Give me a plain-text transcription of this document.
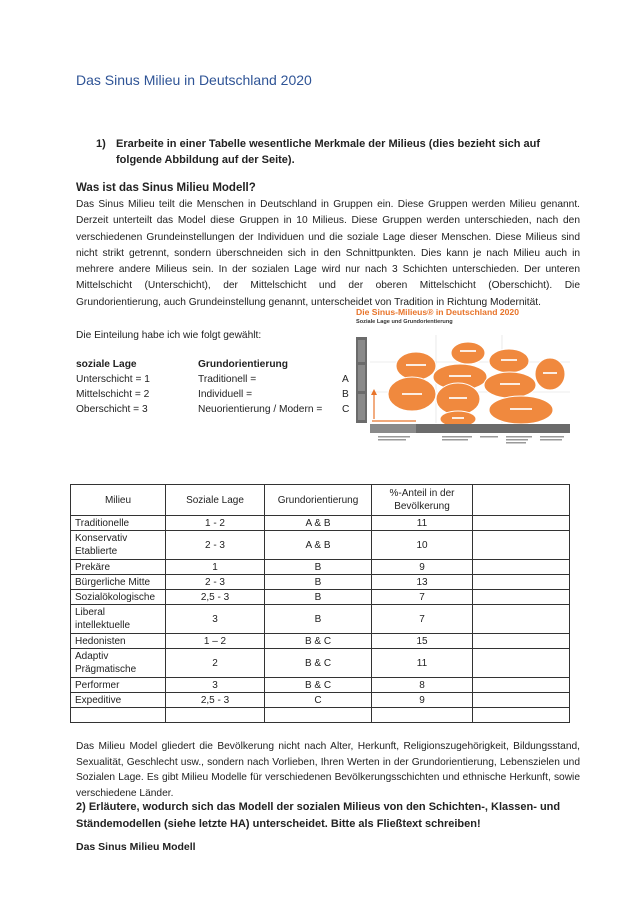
Das Sinus Milieu in Deutschland 2020
1) Erarbeite in einer Tabelle wesentliche Merkmale der Milieus (dies bezieht sich auf folgende Abbildung auf der Seite).
Was ist das Sinus Milieu Modell?
Das Sinus Milieu teilt die Menschen in Deutschland in Gruppen ein. Diese Gruppen werden Milieu genannt. Derzeit unterteilt das Model diese Gruppen in 10 Milieus. Diese Gruppen werden unterschieden, nach den verschiedenen Grundeinstellungen der Individuen und die soziale Lage dieser Menschen. Diese Milieus sind nicht strikt getrennt, sondern überschneiden sich in den Schnittpunkten. Dies kann je nach Milieu auch in mehrere andere Milieus sein. In der sozialen Lage wird nur nach 3 Schichten unterschieden. Der unteren Mittelschicht (Unterschicht), der Mittelschicht und der oberen Mittelschicht (Oberschicht). Die Grundorientierung, auch Grundeinstellung genannt, unterscheidet von Tradition in Richtung Modernität.
Die Einteilung habe ich wie folgt gewählt:
soziale Lage	Grundorientierung
Unterschicht = 1	Traditionell =	A
Mittelschicht = 2	Individuell =	B
Oberschicht = 3	Neuorientierung / Modern = C
Die Sinus-Milieus® in Deutschland 2020
Soziale Lage und Grundorientierung
Milieu	Soziale Lage	Grundorientierung	%-Anteil in der Bevölkerung	
Traditionelle	1 - 2	A & B	11	
Konservativ Etablierte	2 - 3	A & B	10	
Prekäre	1	B	9	
Bürgerliche Mitte	2 - 3	B	13	
Sozialökologische	2,5 - 3	B	7	
Liberal intellektuelle	3	B	7	
Hedonisten	1 – 2	B & C	15	
Adaptiv Prägmatische	2	B & C	11	
Performer	3	B & C	8	
Expeditive	2,5 - 3	C	9	

Das Milieu Model gliedert die Bevölkerung nicht nach Alter, Herkunft, Religionszugehörigkeit, Bildungsstand, Sexualität, Geschlecht usw., sondern nach Vorlieben, Ihren Werten in der Grundorientierung, Lebenszielen und Sozialen Lage. Es gibt Milieu Modelle für verschiedenen Bevölkerungsschichten und ethnische Herkunft, sowie verschiedene Länder.
2) Erläutere, wodurch sich das Modell der sozialen Milieus von den Schichten-, Klassen- und Ständemodellen (siehe letzte HA) unterscheidet. Bitte als Fließtext schreiben!
Das Sinus Milieu Modell
